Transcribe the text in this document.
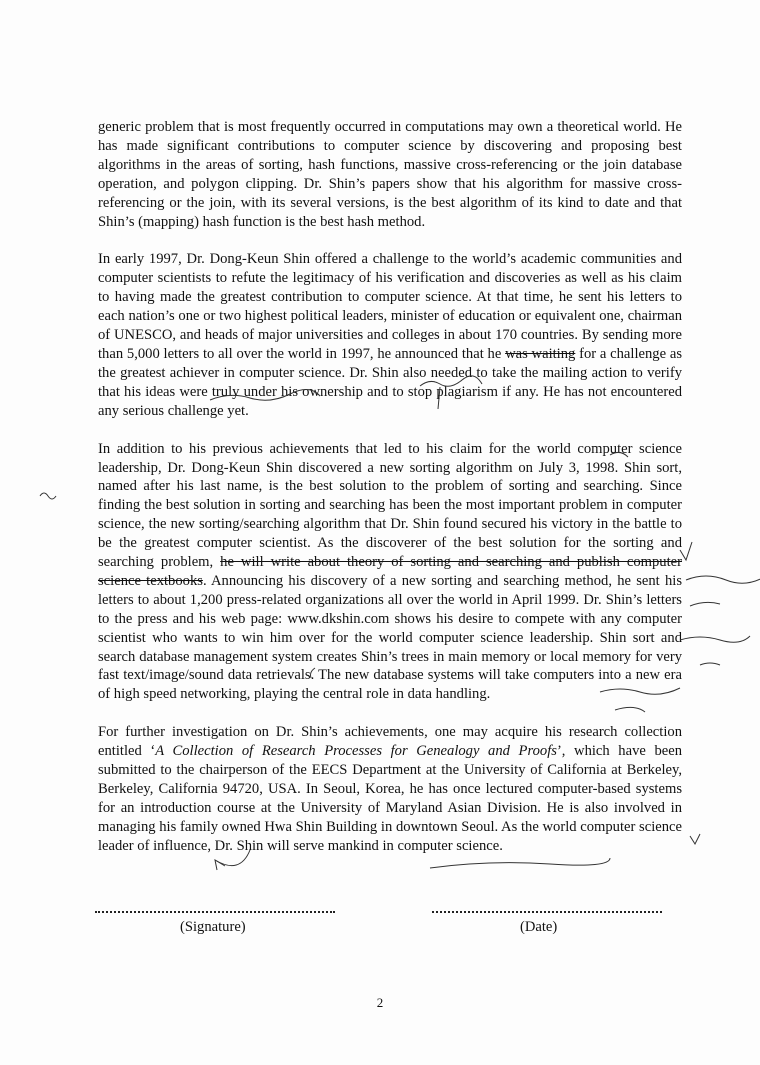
generic problem that is most frequently occurred in computations may own a theoretical world. He has made significant contributions to computer science by discovering and proposing best algorithms in the areas of sorting, hash functions, massive cross-referencing or the join database operation, and polygon clipping. Dr. Shin’s papers show that his algorithm for massive cross-referencing or the join, with its several versions, is the best algorithm of its kind to date and that Shin’s (mapping) hash function is the best hash method.

In early 1997, Dr. Dong-Keun Shin offered a challenge to the world’s academic communities and computer scientists to refute the legitimacy of his verification and discoveries as well as his claim to having made the greatest contribution to computer science. At that time, he sent his letters to each nation’s one or two highest political leaders, minister of education or equivalent one, chairman of UNESCO, and heads of major universities and colleges in about 170 countries. By sending more than 5,000 letters to all over the world in 1997, he announced that he was waiting for a challenge as the greatest achiever in computer science. Dr. Shin also needed to take the mailing action to verify that his ideas were truly under his ownership and to stop plagiarism if any. He has not encountered any serious challenge yet.

In addition to his previous achievements that led to his claim for the world computer science leadership, Dr. Dong-Keun Shin discovered a new sorting algorithm on July 3, 1998. Shin sort, named after his last name, is the best solution to the problem of sorting and searching. Since finding the best solution in sorting and searching has been the most important problem in computer science, the new sorting/searching algorithm that Dr. Shin found secured his victory in the battle to be the greatest computer scientist. As the discoverer of the best solution for the sorting and searching problem, he will write about theory of sorting and searching and publish computer science textbooks. Announcing his discovery of a new sorting and searching method, he sent his letters to about 1,200 press-related organizations all over the world in April 1999. Dr. Shin’s letters to the press and his web page: www.dkshin.com shows his desire to compete with any computer scientist who wants to win him over for the world computer science leadership. Shin sort and search database management system creates Shin’s trees in main memory or local memory for very fast text/image/sound data retrievals. The new database systems will take computers into a new era of high speed networking, playing the central role in data handling.

For further investigation on Dr. Shin’s achievements, one may acquire his research collection entitled ‘A Collection of Research Processes for Genealogy and Proofs’, which have been submitted to the chairperson of the EECS Department at the University of California at Berkeley, Berkeley, California 94720, USA. In Seoul, Korea, he has once lectured computer-based systems for an introduction course at the University of Maryland Asian Division. He is also involved in managing his family owned Hwa Shin Building in downtown Seoul. As the world computer science leader of influence, Dr. Shin will serve mankind in computer science.

(Signature)	(Date)
2
